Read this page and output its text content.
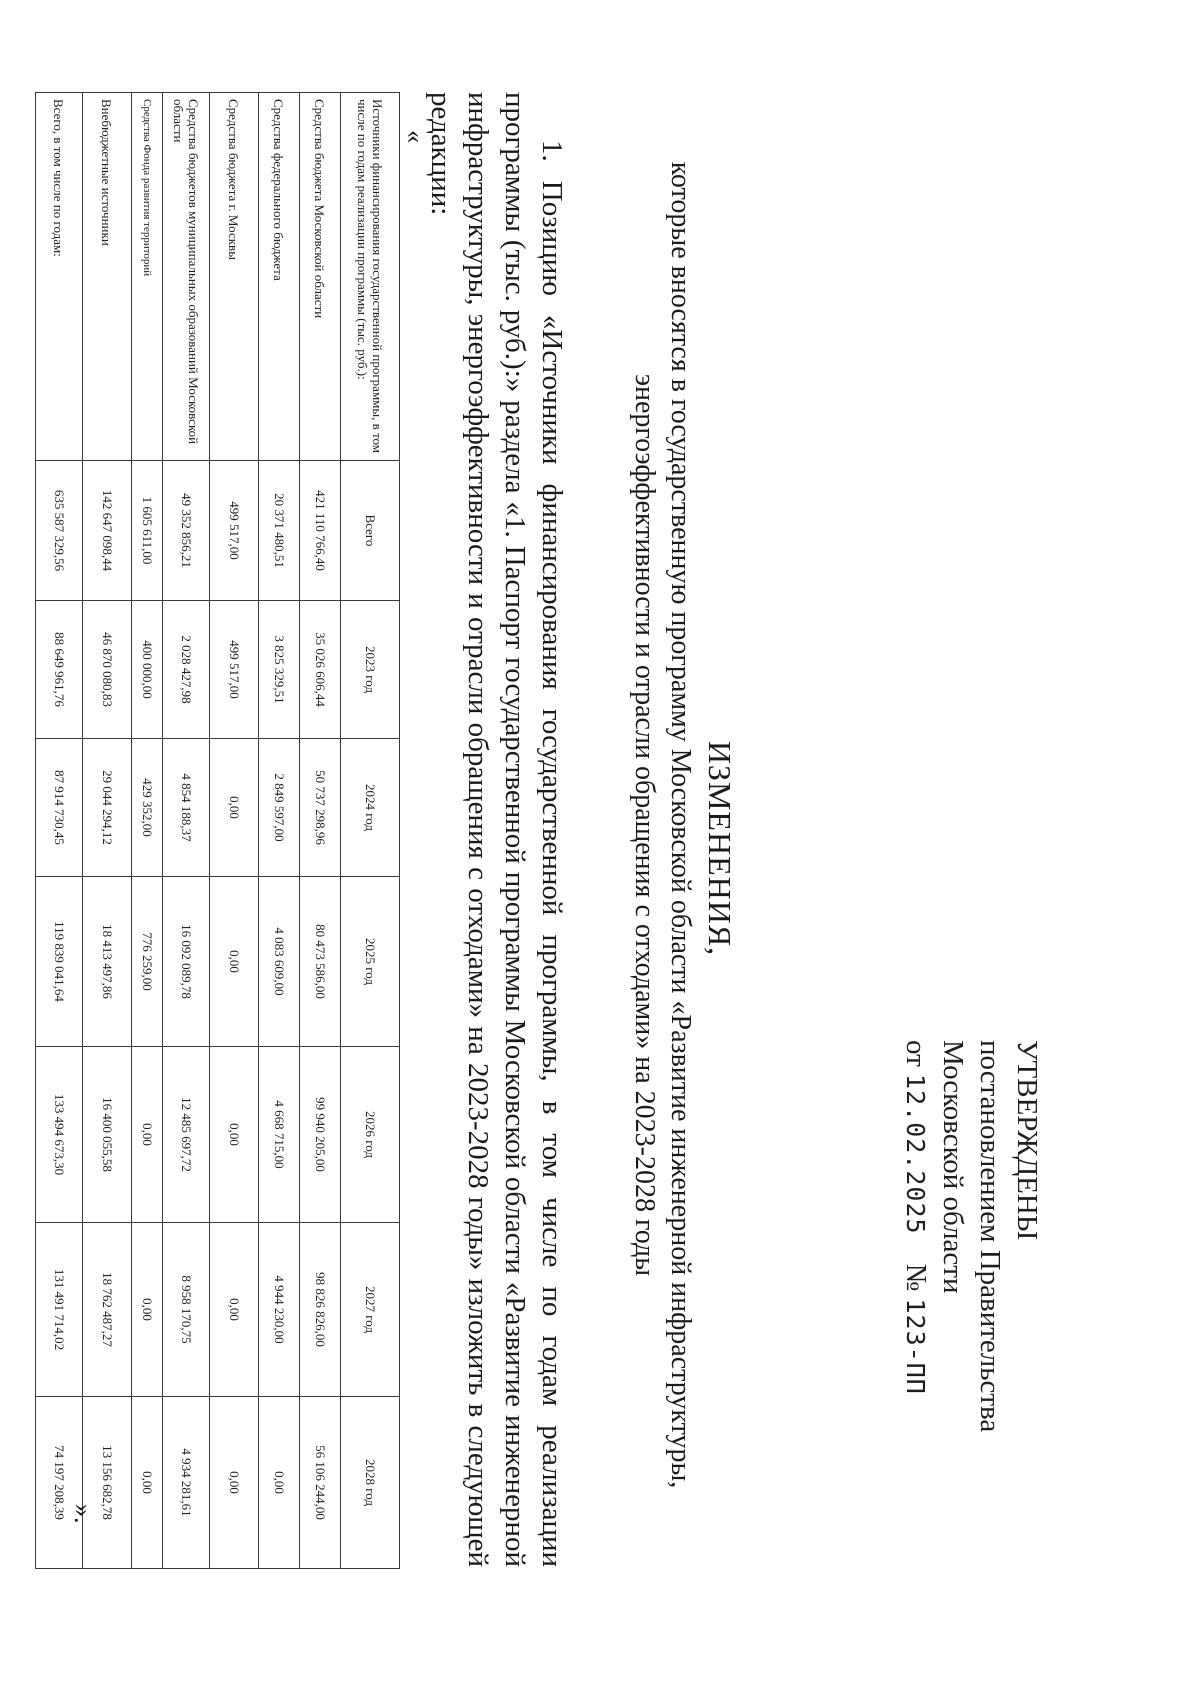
УТВЕРЖДЕНЫ
постановлением Правительства
Московской области
от 12.02.2025    № 123-ПП
ИЗМЕНЕНИЯ,
которые вносятся в государственную программу Московской области «Развитие инженерной инфраструктуры, энергоэффективности и отрасли обращения с отходами» на 2023-2028 годы
1. Позицию «Источники финансирования государственной программы, в том числе по годам реализации программы (тыс. руб.):» раздела «1. Паспорт государственной программы Московской области «Развитие инженерной инфраструктуры, энергоэффективности и отрасли обращения с отходами» на 2023-2028 годы» изложить в следующей редакции:
«
Источники финансирования государственной программы, в том числе по годам реализации программы (тыс. руб.):	Всего	2023 год	2024 год	2025 год	2026 год	2027 год	2028 год
Средства бюджета Московской области	421 110 766,40	35 026 606,44	50 737 298,96	80 473 586,00	99 940 205,00	98 826 826,00	56 106 244,00
Средства федерального бюджета	20 371 480,51	3 825 329,51	2 849 597,00	4 083 609,00	4 668 715,00	4 944 230,00	0,00
Средства бюджета г. Москвы	499 517,00	499 517,00	0,00	0,00	0,00	0,00	0,00
Средства бюджетов муниципальных образований Московской области	49 352 856,21	2 028 427,98	4 854 188,37	16 092 089,78	12 485 697,72	8 958 170,75	4 934 281,61
Средства Фонда развития территорий	1 605 611,00	400 000,00	429 352,00	776 259,00	0,00	0,00	0,00
Внебюджетные источники	142 647 098,44	46 870 080,83	29 044 294,12	18 413 497,86	16 400 055,58	18 762 487,27	13 156 682,78
Всего, в том числе по годам:	635 587 329,56	88 649 961,76	87 914 730,45	119 839 041,64	133 494 673,30	131 491 714,02	74 197 208,39 ».
